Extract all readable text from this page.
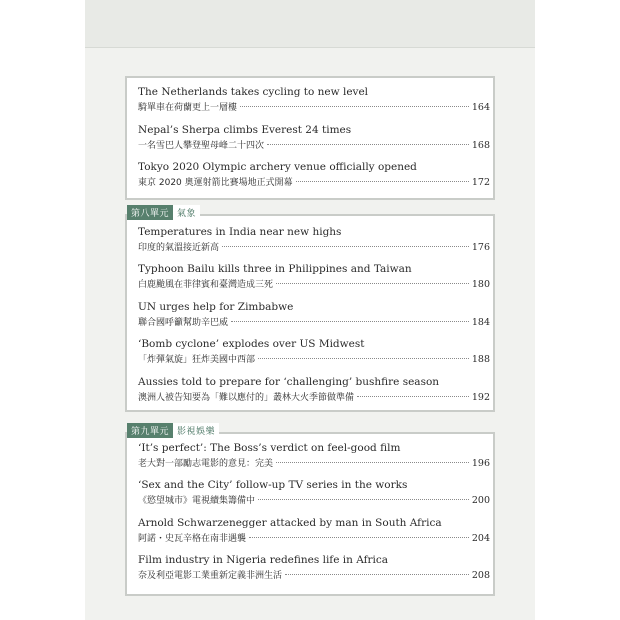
第八單元 氣象
第九單元 影視娛樂
The Netherlands takes cycling to new level
騎單車在荷蘭更上一層樓	164
Nepal’s Sherpa climbs Everest 24 times
一名雪巴人攀登聖母峰二十四次	168
Tokyo 2020 Olympic archery venue officially opened
東京 2020 奧運射箭比賽場地正式開幕	172
Temperatures in India near new highs
印度的氣溫接近新高	176
Typhoon Bailu kills three in Philippines and Taiwan
白鹿颱風在菲律賓和臺灣造成三死	180
UN urges help for Zimbabwe
聯合國呼籲幫助辛巴威	184
‘Bomb cyclone’ explodes over US Midwest
「炸彈氣旋」狂炸美國中西部	188
Aussies told to prepare for ‘challenging’ bushfire season
澳洲人被告知要為「難以應付的」叢林大火季節做準備	192
‘It’s perfect’: The Boss’s verdict on feel-good film
老大對一部勵志電影的意見：完美	196
‘Sex and the City’ follow-up TV series in the works
《慾望城市》電視續集籌備中	200
Arnold Schwarzenegger attacked by man in South Africa
阿諾・史瓦辛格在南非遇襲	204
Film industry in Nigeria redefines life in Africa
奈及利亞電影工業重新定義非洲生活	208
